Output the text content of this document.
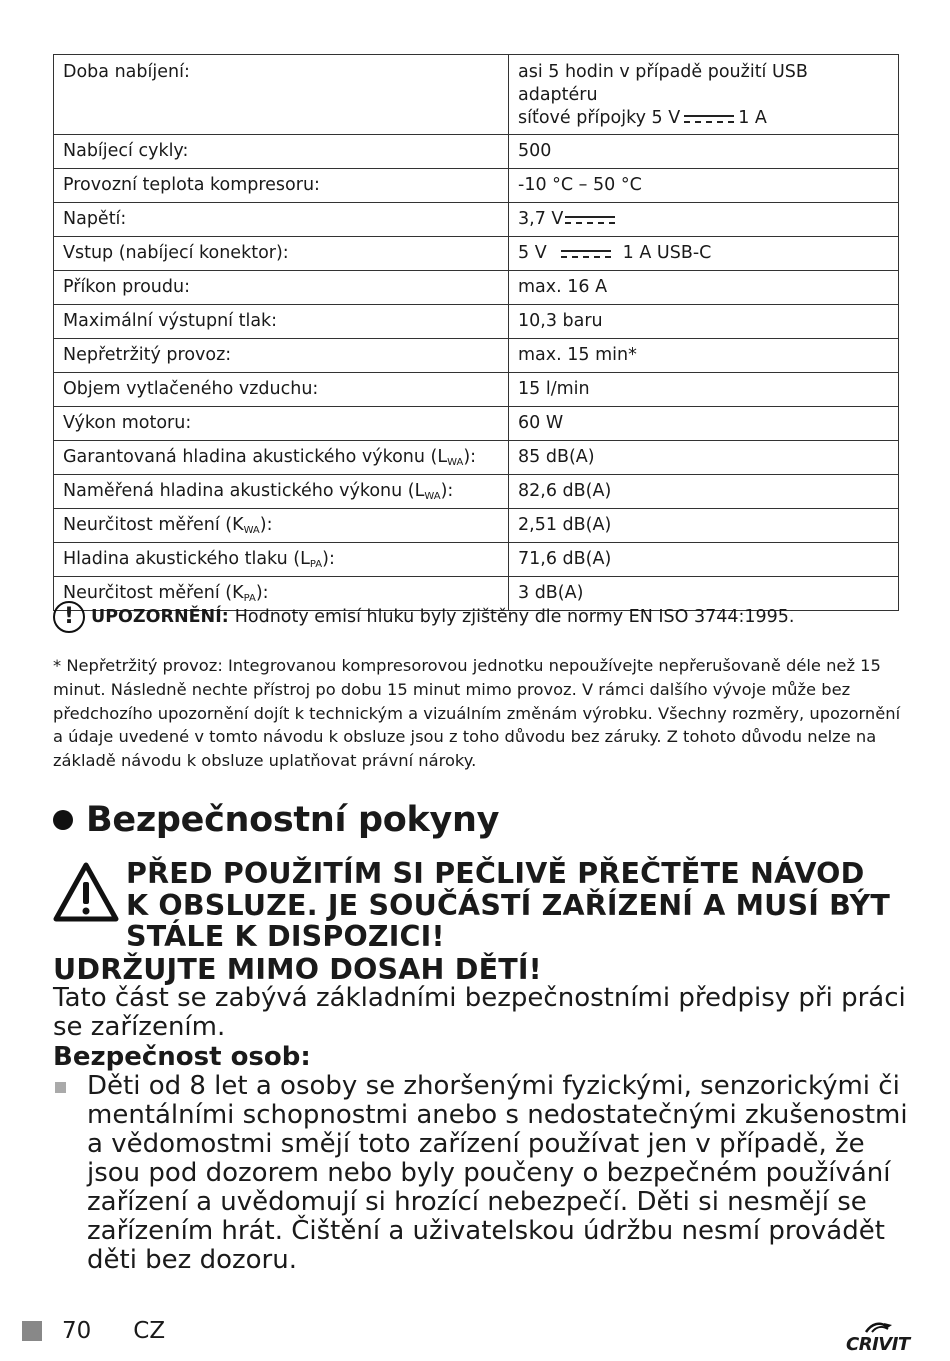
Doba nabíjení:	asi 5 hodin v případě použití USB adaptéru
síťové přípojky 5 V 1 A

Nabíjecí cykly:	500
Provozní teplota kompresoru:	-10 °C – 50 °C
Napětí:	3,7 V
Vstup (nabíjecí konektor):	5 V 1 A USB-C
Příkon proudu:	max. 16 A
Maximální výstupní tlak:	10,3 baru
Nepřetržitý provoz:	max. 15 min*
Objem vytlačeného vzduchu:	15 l/min
Výkon motoru:	60 W
Garantovaná hladina akustického výkonu $(L_{WA})$:	85 dB(A)
Naměřená hladina akustického výkonu $(L_{WA})$:	82,6 dB(A)
Neurčitost měření $(K_{WA})$:	2,51 dB(A)
Hladina akustického tlaku $(L_{PA})$:	71,6 dB(A)
Neurčitost měření $(K_{PA})$:	3 dB(A)
! UPOZORNĚNÍ: Hodnoty emisí hluku byly zjištěny dle normy EN ISO 3744:1995.

* Nepřetržitý provoz: Integrovanou kompresorovou jednotku nepoužívejte nepřerušovaně déle než 15 minut. Následně nechte přístroj po dobu 15 minut mimo provoz. V rámci dalšího vývoje může bez předchozího upozornění dojít k technickým a vizuálním změnám výrobku. Všechny rozměry, upozornění a údaje uvedené v tomto návodu k obsluze jsou z toho důvodu bez záruky. Z tohoto důvodu nelze na základě návodu k obsluze uplatňovat právní nároky.

Bezpečnostní pokyny
PŘED POUŽITÍM SI PEČLIVĚ PŘEČTĚTE NÁVOD
K OBSLUZE. JE SOUČÁSTÍ ZAŘÍZENÍ A MUSÍ BÝT
STÁLE K DISPOZICI!
UDRŽUJTE MIMO DOSAH DĚTÍ!

Tato část se zabývá základními bezpečnostními předpisy při práci se zařízením.

Bezpečnost osob:

Děti od 8 let a osoby se zhoršenými fyzickými, senzorickými či mentálními schopnostmi anebo s nedostatečnými zkušenostmi a vědomostmi smějí toto zařízení používat jen v případě, že jsou pod dozorem nebo byly poučeny o bezpečném používání zařízení a uvědomují si hrozící nebezpečí. Děti si nesmějí se zařízením hrát. Čištění a uživatelskou údržbu nesmí provádět děti bez dozoru.

70 CZ
CRIVIT
